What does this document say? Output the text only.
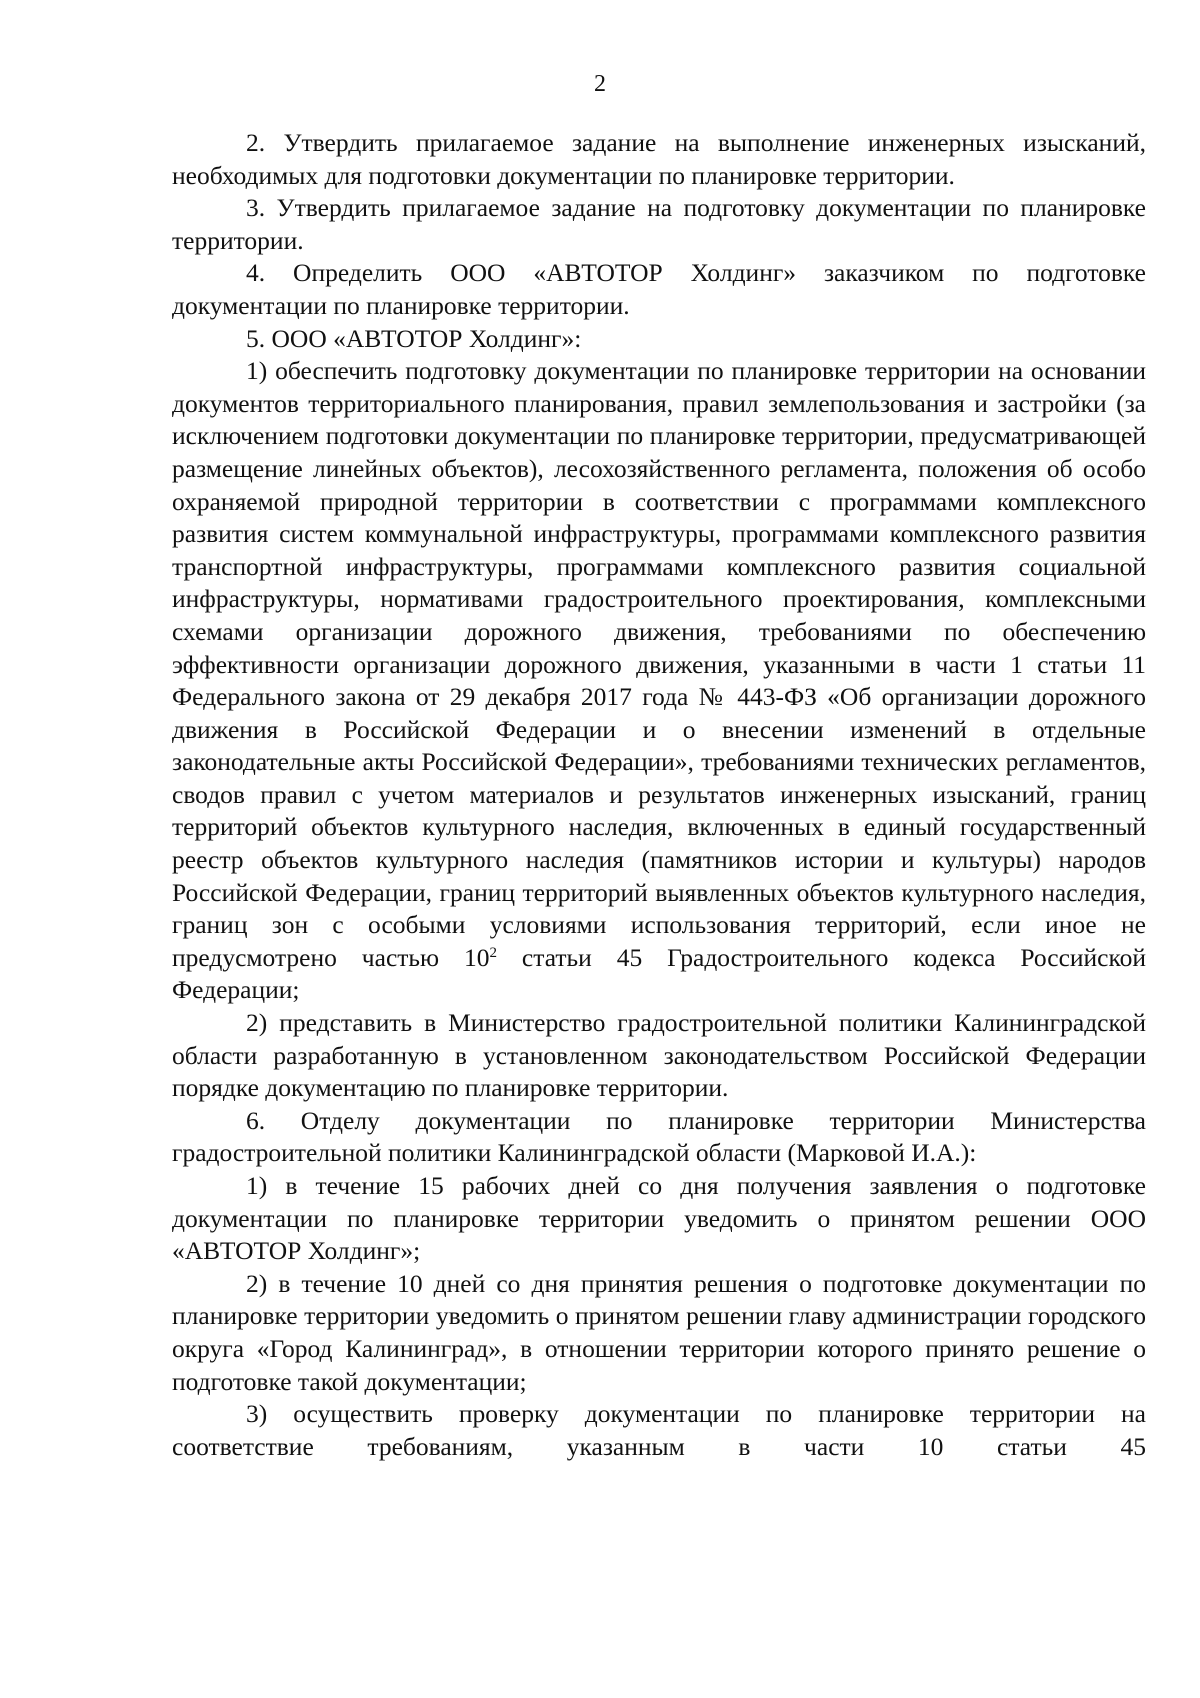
2

2. Утвердить прилагаемое задание на выполнение инженерных изысканий, необходимых для подготовки документации по планировке территории.

3. Утвердить прилагаемое задание на подготовку документации по планировке территории.

4. Определить ООО «АВТОТОР Холдинг» заказчиком по подготовке документации по планировке территории.

5. ООО «АВТОТОР Холдинг»:

1) обеспечить подготовку документации по планировке территории на основании документов территориального планирования, правил землепользования и застройки (за исключением подготовки документации по планировке территории, предусматривающей размещение линейных объектов), лесохозяйственного регламента, положения об особо охраняемой природной территории в соответствии с программами комплексного развития систем коммунальной инфраструктуры, программами комплексного развития транспортной инфраструктуры, программами комплексного развития социальной инфраструктуры, нормативами градостроительного проектирования, комплексными схемами организации дорожного движения, требованиями по обеспечению эффективности организации дорожного движения, указанными в части 1 статьи 11 Федерального закона от 29 декабря 2017 года № 443-ФЗ «Об организации дорожного движения в Российской Федерации и о внесении изменений в отдельные законодательные акты Российской Федерации», требованиями технических регламентов, сводов правил с учетом материалов и результатов инженерных изысканий, границ территорий объектов культурного наследия, включенных в единый государственный реестр объектов культурного наследия (памятников истории и культуры) народов Российской Федерации, границ территорий выявленных объектов культурного наследия, границ зон с особыми условиями использования территорий, если иное не предусмотрено частью $10^2$ статьи 45 Градостроительного кодекса Российской Федерации;

2) представить в Министерство градостроительной политики Калининградской области разработанную в установленном законодательством Российской Федерации порядке документацию по планировке территории.

6. Отделу документации по планировке территории Министерства градостроительной политики Калининградской области (Марковой И.А.):

1) в течение 15 рабочих дней со дня получения заявления о подготовке документации по планировке территории уведомить о принятом решении ООО «АВТОТОР Холдинг»;

2) в течение 10 дней со дня принятия решения о подготовке документации по планировке территории уведомить о принятом решении главу администрации городского округа «Город Калининград», в отношении территории которого принято решение о подготовке такой документации;

3) осуществить проверку документации по планировке территории на соответствие требованиям, указанным в части 10 статьи 45
